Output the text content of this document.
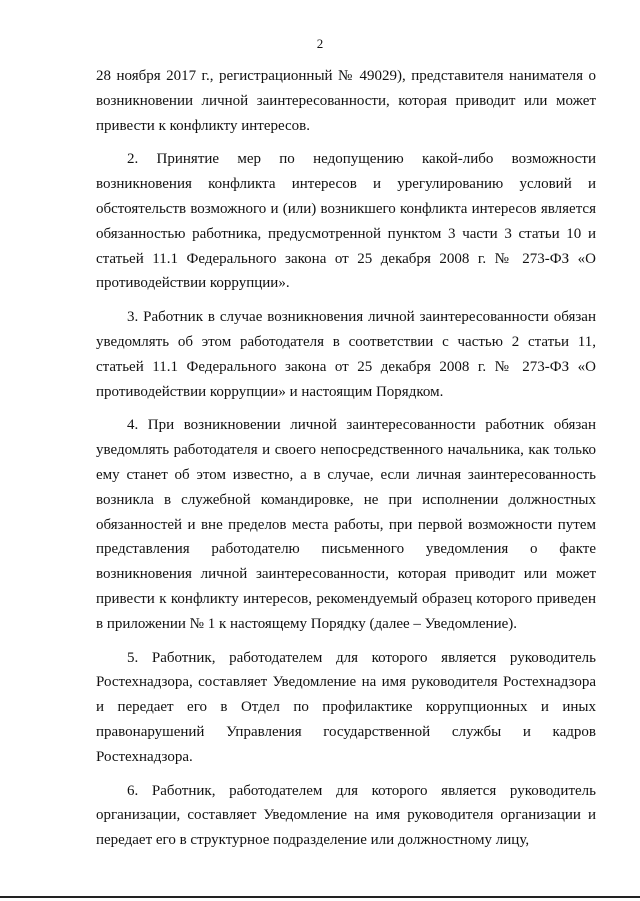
2

28 ноября 2017 г., регистрационный № 49029), представителя нанимателя о возникновении личной заинтересованности, которая приводит или может привести к конфликту интересов.

2. Принятие мер по недопущению какой-либо возможности возникновения конфликта интересов и урегулированию условий и обстоятельств возможного и (или) возникшего конфликта интересов является обязанностью работника, предусмотренной пунктом 3 части 3 статьи 10 и статьей 11.1 Федерального закона от 25 декабря 2008 г. № 273-ФЗ «О противодействии коррупции».

3. Работник в случае возникновения личной заинтересованности обязан уведомлять об этом работодателя в соответствии с частью 2 статьи 11, статьей 11.1 Федерального закона от 25 декабря 2008 г. № 273-ФЗ «О противодействии коррупции» и настоящим Порядком.

4. При возникновении личной заинтересованности работник обязан уведомлять работодателя и своего непосредственного начальника, как только ему станет об этом известно, а в случае, если личная заинтересованность возникла в служебной командировке, не при исполнении должностных обязанностей и вне пределов места работы, при первой возможности путем представления работодателю письменного уведомления о факте возникновения личной заинтересованности, которая приводит или может привести к конфликту интересов, рекомендуемый образец которого приведен в приложении № 1 к настоящему Порядку (далее – Уведомление).

5. Работник, работодателем для которого является руководитель Ростехнадзора, составляет Уведомление на имя руководителя Ростехнадзора и передает его в Отдел по профилактике коррупционных и иных правонарушений Управления государственной службы и кадров Ростехнадзора.

6. Работник, работодателем для которого является руководитель организации, составляет Уведомление на имя руководителя организации и передает его в структурное подразделение или должностному лицу,
